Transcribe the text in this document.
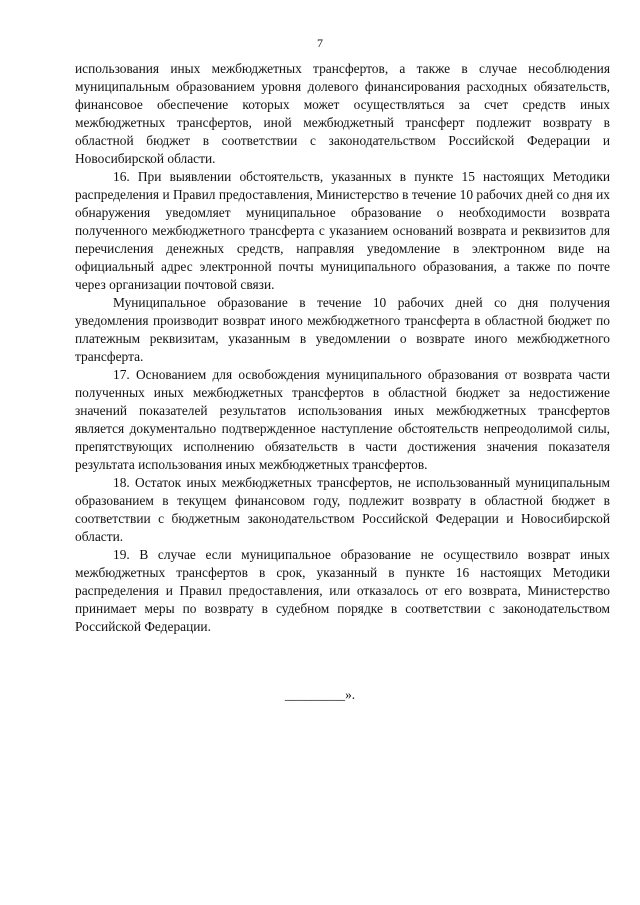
7

использования иных межбюджетных трансфертов, а также в случае несоблюдения муниципальным образованием уровня долевого финансирования расходных обязательств, финансовое обеспечение которых может осуществляться за счет средств иных межбюджетных трансфертов, иной межбюджетный трансферт подлежит возврату в областной бюджет в соответствии с законодательством Российской Федерации и Новосибирской области.

16. При выявлении обстоятельств, указанных в пункте 15 настоящих Методики распределения и Правил предоставления, Министерство в течение 10 рабочих дней со дня их обнаружения уведомляет муниципальное образование о необходимости возврата полученного межбюджетного трансферта с указанием оснований возврата и реквизитов для перечисления денежных средств, направляя уведомление в электронном виде на официальный адрес электронной почты муниципального образования, а также по почте через организации почтовой связи.

Муниципальное образование в течение 10 рабочих дней со дня получения уведомления производит возврат иного межбюджетного трансферта в областной бюджет по платежным реквизитам, указанным в уведомлении о возврате иного межбюджетного трансферта.

17. Основанием для освобождения муниципального образования от возврата части полученных иных межбюджетных трансфертов в областной бюджет за недостижение значений показателей результатов использования иных межбюджетных трансфертов является документально подтвержденное наступление обстоятельств непреодолимой силы, препятствующих исполнению обязательств в части достижения значения показателя результата использования иных межбюджетных трансфертов.

18. Остаток иных межбюджетных трансфертов, не использованный муниципальным образованием в текущем финансовом году, подлежит возврату в областной бюджет в соответствии с бюджетным законодательством Российской Федерации и Новосибирской области.

19. В случае если муниципальное образование не осуществило возврат иных межбюджетных трансфертов в срок, указанный в пункте 16 настоящих Методики распределения и Правил предоставления, или отказалось от его возврата, Министерство принимает меры по возврату в судебном порядке в соответствии с законодательством Российской Федерации.

_________».
